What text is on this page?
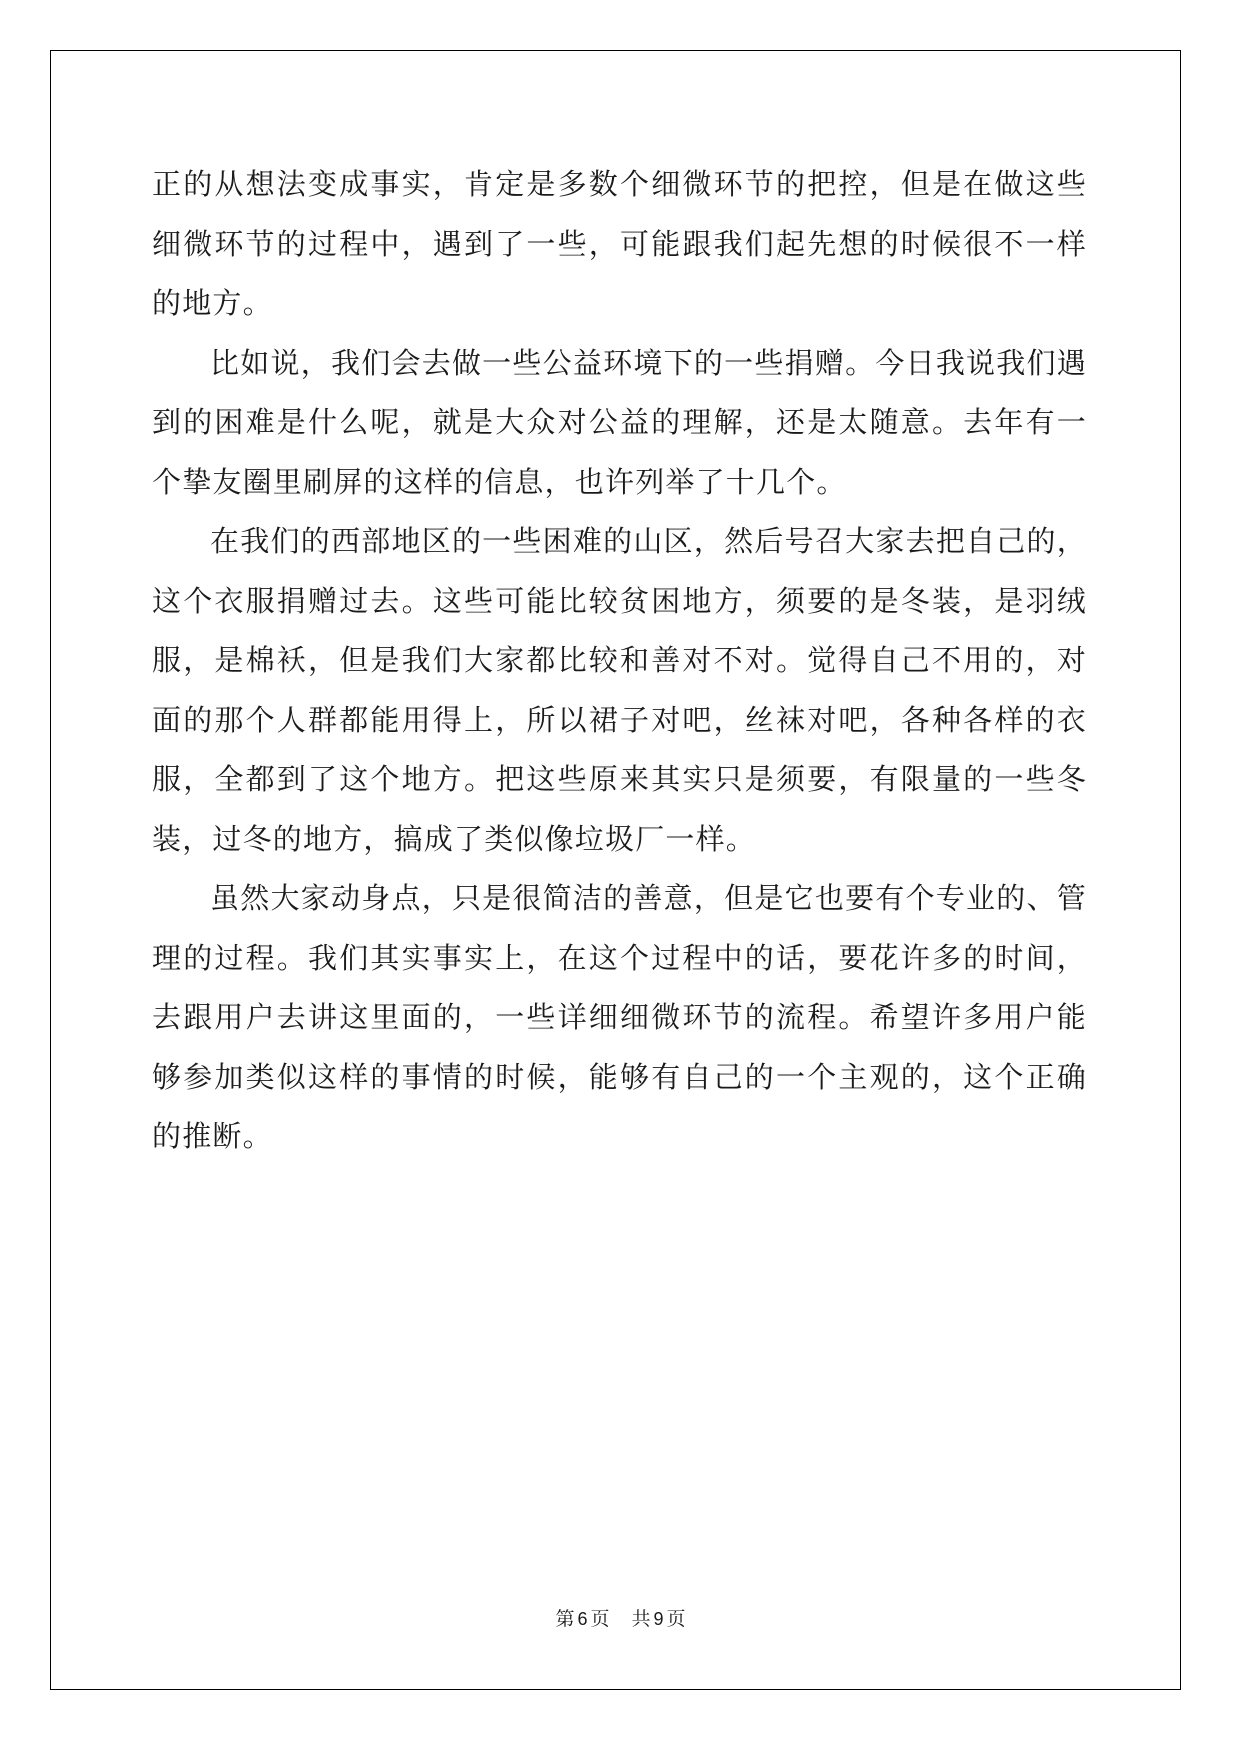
正的从想法变成事实，肯定是多数个细微环节的把控，但是在做这些细微环节的过程中，遇到了一些，可能跟我们起先想的时候很不一样的地方。

比如说，我们会去做一些公益环境下的一些捐赠。今日我说我们遇到的困难是什么呢，就是大众对公益的理解，还是太随意。去年有一个挚友圈里刷屏的这样的信息，也许列举了十几个。

在我们的西部地区的一些困难的山区，然后号召大家去把自己的，这个衣服捐赠过去。这些可能比较贫困地方，须要的是冬装，是羽绒服，是棉袄，但是我们大家都比较和善对不对。觉得自己不用的，对面的那个人群都能用得上，所以裙子对吧，丝袜对吧，各种各样的衣服，全都到了这个地方。把这些原来其实只是须要，有限量的一些冬装，过冬的地方，搞成了类似像垃圾厂一样。

虽然大家动身点，只是很简洁的善意，但是它也要有个专业的、管理的过程。我们其实事实上，在这个过程中的话，要花许多的时间，去跟用户去讲这里面的，一些详细细微环节的流程。希望许多用户能够参加类似这样的事情的时候，能够有自己的一个主观的，这个正确的推断。

第 6 页 共 9 页
